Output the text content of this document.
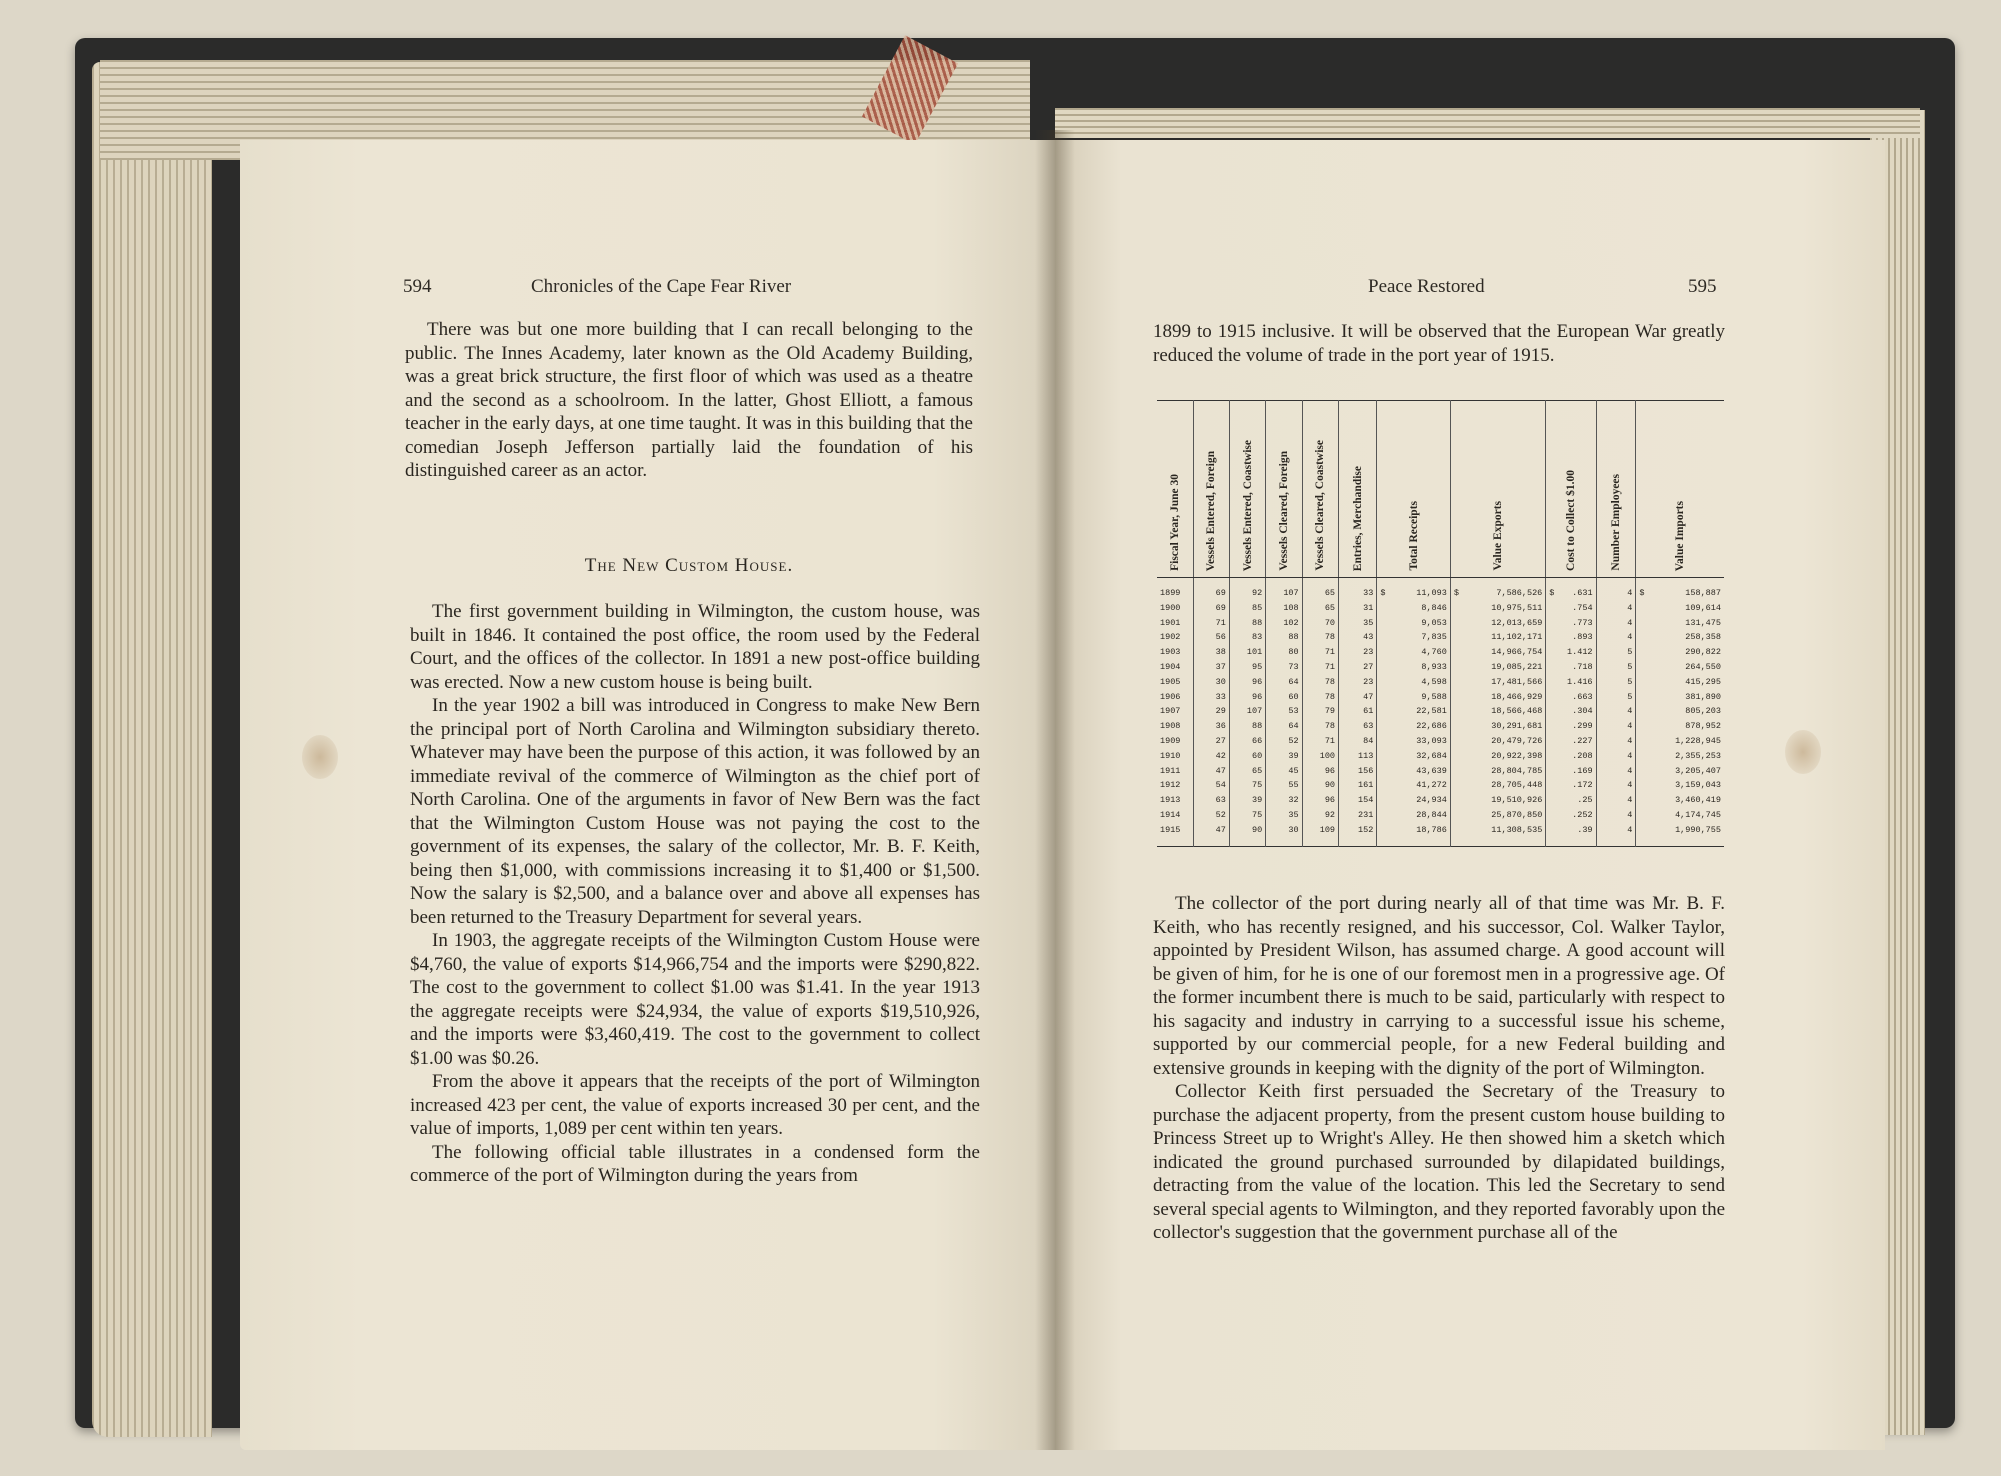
594	Chronicles of the Cape Fear River

There was but one more building that I can recall belonging to the public. The Innes Academy, later known as the Old Academy Building, was a great brick structure, the first floor of which was used as a theatre and the second as a schoolroom. In the latter, Ghost Elliott, a famous teacher in the early days, at one time taught. It was in this building that the comedian Joseph Jefferson partially laid the foundation of his distinguished career as an actor.

The New Custom House.

The first government building in Wilmington, the custom house, was built in 1846. It contained the post office, the room used by the Federal Court, and the offices of the collector. In 1891 a new post-office building was erected. Now a new custom house is being built.

In the year 1902 a bill was introduced in Congress to make New Bern the principal port of North Carolina and Wilmington subsidiary thereto. Whatever may have been the purpose of this action, it was followed by an immediate revival of the commerce of Wilmington as the chief port of North Carolina. One of the arguments in favor of New Bern was the fact that the Wilmington Custom House was not paying the cost to the government of its expenses, the salary of the collector, Mr. B. F. Keith, being then $1,000, with commissions increasing it to $1,400 or $1,500. Now the salary is $2,500, and a balance over and above all expenses has been returned to the Treasury Department for several years.

In 1903, the aggregate receipts of the Wilmington Custom House were $4,760, the value of exports $14,966,754 and the imports were $290,822. The cost to the government to collect $1.00 was $1.41. In the year 1913 the aggregate receipts were $24,934, the value of exports $19,510,926, and the imports were $3,460,419. The cost to the government to collect $1.00 was $0.26.

From the above it appears that the receipts of the port of Wilmington increased 423 per cent, the value of exports increased 30 per cent, and the value of imports, 1,089 per cent within ten years.

The following official table illustrates in a condensed form the commerce of the port of Wilmington during the years from

Peace Restored	595

1899 to 1915 inclusive. It will be observed that the European War greatly reduced the volume of trade in the port year of 1915.

Fiscal Year, June 30	Vessels Entered, Foreign	Vessels Entered, Coastwise	Vessels Cleared, Foreign	Vessels Cleared, Coastwise	Entries, Merchandise	Total Receipts	Value Exports	Cost to Collect $1.00	Number Employees	Value Imports

1899	69	92	107	65	33	$ 11,093	$ 7,586,526	$ .631	4	$ 158,887
1900	69	85	108	65	31	8,846	10,975,511	.754	4	109,614
1901	71	88	102	70	35	9,053	12,013,659	.773	4	131,475
1902	56	83	88	78	43	7,835	11,102,171	.893	4	258,358
1903	38	101	80	71	23	4,760	14,966,754	1.412	5	290,822
1904	37	95	73	71	27	8,933	19,085,221	.718	5	264,550
1905	30	96	64	78	23	4,598	17,481,566	1.416	5	415,295
1906	33	96	60	78	47	9,588	18,466,929	.663	5	381,890
1907	29	107	53	79	61	22,581	18,566,468	.304	4	805,203
1908	36	88	64	78	63	22,686	30,291,681	.299	4	878,952
1909	27	66	52	71	84	33,093	20,479,726	.227	4	1,228,945
1910	42	60	39	100	113	32,684	20,922,398	.208	4	2,355,253
1911	47	65	45	96	156	43,639	28,804,785	.169	4	3,205,407
1912	54	75	55	90	161	41,272	28,705,448	.172	4	3,159,043
1913	63	39	32	96	154	24,934	19,510,926	.25	4	3,460,419
1914	52	75	35	92	231	28,844	25,870,850	.252	4	4,174,745
1915	47	90	30	109	152	18,786	11,308,535	.39	4	1,990,755

The collector of the port during nearly all of that time was Mr. B. F. Keith, who has recently resigned, and his successor, Col. Walker Taylor, appointed by President Wilson, has assumed charge. A good account will be given of him, for he is one of our foremost men in a progressive age. Of the former incumbent there is much to be said, particularly with respect to his sagacity and industry in carrying to a successful issue his scheme, supported by our commercial people, for a new Federal building and extensive grounds in keeping with the dignity of the port of Wilmington.

Collector Keith first persuaded the Secretary of the Treasury to purchase the adjacent property, from the present custom house building to Princess Street up to Wright's Alley. He then showed him a sketch which indicated the ground purchased surrounded by dilapidated buildings, detracting from the value of the location. This led the Secretary to send several special agents to Wilmington, and they reported favorably upon the collector's suggestion that the government purchase all of the
